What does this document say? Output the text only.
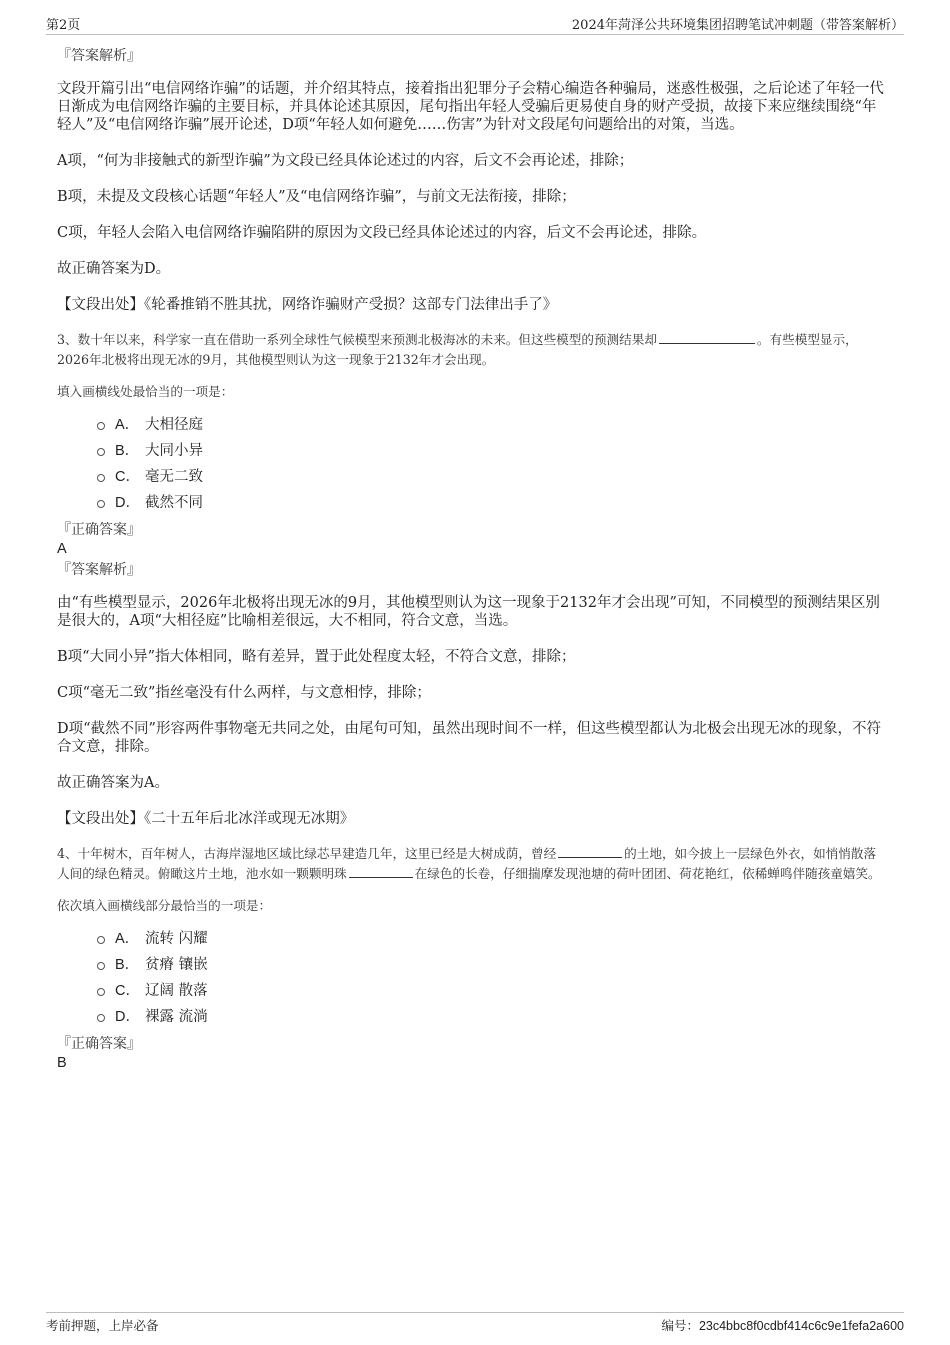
第2页	2024年菏泽公共环境集团招聘笔试冲刺题（带答案解析）
『答案解析』

文段开篇引出“电信网络诈骗”的话题，并介绍其特点，接着指出犯罪分子会精心编造各种骗局，迷惑性极强，之后论述了年轻一代日渐成为电信网络诈骗的主要目标，并具体论述其原因，尾句指出年轻人受骗后更易使自身的财产受损，故接下来应继续围绕“年轻人”及“电信网络诈骗”展开论述，D项“年轻人如何避免……伤害”为针对文段尾句问题给出的对策，当选。

A项，“何为非接触式的新型诈骗”为文段已经具体论述过的内容，后文不会再论述，排除；

B项，未提及文段核心话题“年轻人”及“电信网络诈骗”，与前文无法衔接，排除；

C项，年轻人会陷入电信网络诈骗陷阱的原因为文段已经具体论述过的内容，后文不会再论述，排除。

故正确答案为D。

【文段出处】《轮番推销不胜其扰，网络诈骗财产受损？这部专门法律出手了》

3、数十年以来，科学家一直在借助一系列全球性气候模型来预测北极海冰的未来。但这些模型的预测结果却	。有些模型显示，2026年北极将出现无冰的9月，其他模型则认为这一现象于2132年才会出现。
填入画横线处最恰当的一项是：
A． 大相径庭
B． 大同小异
C． 毫无二致
D． 截然不同
『正确答案』
A
『答案解析』

由“有些模型显示，2026年北极将出现无冰的9月，其他模型则认为这一现象于2132年才会出现”可知，不同模型的预测结果区别是很大的，A项“大相径庭”比喻相差很远，大不相同，符合文意，当选。

B项“大同小异”指大体相同，略有差异，置于此处程度太轻，不符合文意，排除；

C项“毫无二致”指丝毫没有什么两样，与文意相悖，排除；

D项“截然不同”形容两件事物毫无共同之处，由尾句可知，虽然出现时间不一样，但这些模型都认为北极会出现无冰的现象，不符合文意，排除。

故正确答案为A。

【文段出处】《二十五年后北冰洋或现无冰期》

4、十年树木，百年树人，古海岸湿地区域比绿芯早建造几年，这里已经是大树成荫，曾经	的土地，如今披上一层绿色外衣，如悄悄散落人间的绿色精灵。俯瞰这片土地，池水如一颗颗明珠	在绿色的长卷，仔细揣摩发现池塘的荷叶团团、荷花艳红，依稀蝉鸣伴随孩童嬉笑。
依次填入画横线部分最恰当的一项是：
A． 流转 闪耀
B． 贫瘠 镶嵌
C． 辽阔 散落
D． 裸露 流淌
『正确答案』
B
考前押题，上岸必备	编号：23c4bbc8f0cdbf414c6c9e1fefa2a600
